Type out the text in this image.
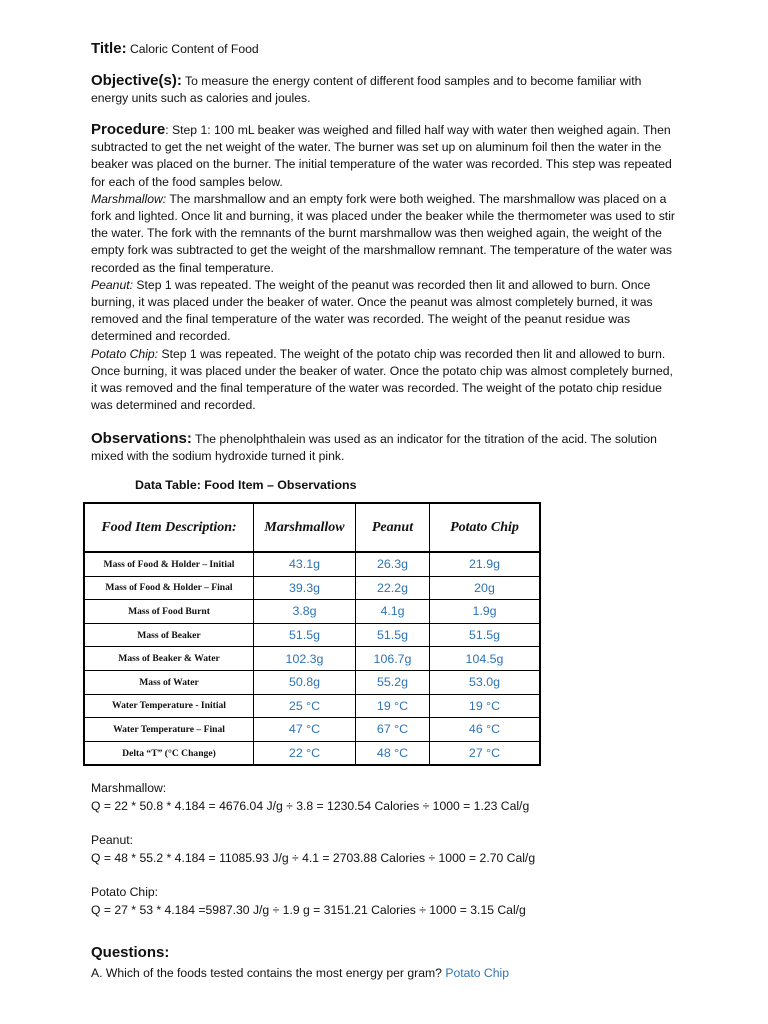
Title: Caloric Content of Food
Objective(s): To measure the energy content of different food samples and to become familiar with energy units such as calories and joules.
Procedure: Step 1: 100 mL beaker was weighed and filled half way with water then weighed again. Then subtracted to get the net weight of the water. The burner was set up on aluminum foil then the water in the beaker was placed on the burner. The initial temperature of the water was recorded. This step was repeated for each of the food samples below.
Marshmallow: The marshmallow and an empty fork were both weighed. The marshmallow was placed on a fork and lighted. Once lit and burning, it was placed under the beaker while the thermometer was used to stir the water. The fork with the remnants of the burnt marshmallow was then weighed again, the weight of the empty fork was subtracted to get the weight of the marshmallow remnant. The temperature of the water was recorded as the final temperature.
Peanut: Step 1 was repeated. The weight of the peanut was recorded then lit and allowed to burn. Once burning, it was placed under the beaker of water. Once the peanut was almost completely burned, it was removed and the final temperature of the water was recorded. The weight of the peanut residue was determined and recorded.
Potato Chip: Step 1 was repeated. The weight of the potato chip was recorded then lit and allowed to burn. Once burning, it was placed under the beaker of water. Once the potato chip was almost completely burned, it was removed and the final temperature of the water was recorded. The weight of the potato chip residue was determined and recorded.
Observations: The phenolphthalein was used as an indicator for the titration of the acid. The solution mixed with the sodium hydroxide turned it pink.
Data Table: Food Item – Observations
Food Item Description:	Marshmallow	Peanut	Potato Chip
Mass of Food & Holder – Initial	43.1g	26.3g	21.9g
Mass of Food & Holder – Final	39.3g	22.2g	20g
Mass of Food Burnt	3.8g	4.1g	1.9g
Mass of Beaker	51.5g	51.5g	51.5g
Mass of Beaker & Water	102.3g	106.7g	104.5g
Mass of Water	50.8g	55.2g	53.0g
Water Temperature - Initial	25 °C	19 °C	19 °C
Water Temperature – Final	47 °C	67 °C	46 °C
Delta “T” (°C Change)	22 °C	48 °C	27 °C
Marshmallow:
Q = 22 * 50.8 * 4.184 = 4676.04 J/g ÷ 3.8 = 1230.54 Calories ÷ 1000 = 1.23 Cal/g
Peanut:
Q = 48 * 55.2 * 4.184 = 11085.93 J/g ÷ 4.1 = 2703.88 Calories ÷ 1000 = 2.70 Cal/g
Potato Chip:
Q = 27 * 53 * 4.184 =5987.30 J/g ÷ 1.9 g = 3151.21 Calories ÷ 1000 = 3.15 Cal/g
Questions:
A. Which of the foods tested contains the most energy per gram? Potato Chip
